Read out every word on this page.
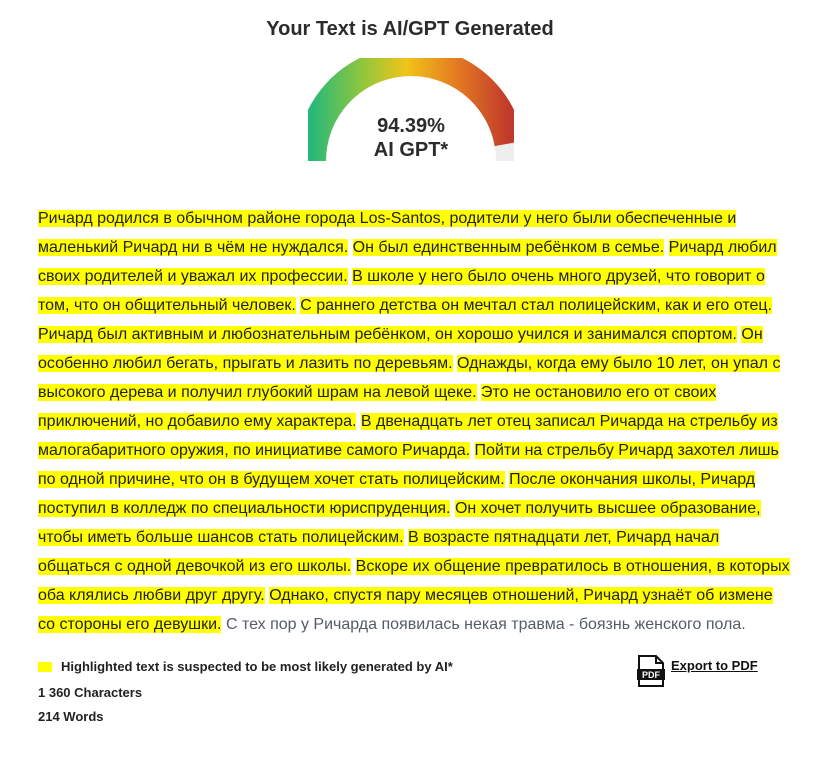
Your Text is AI/GPT Generated
94.39%
AI GPT*
Ричард родился в обычном районе города Los-Santos, родители у него были обеспеченные и маленький Ричард ни в чём не нуждался. Он был единственным ребёнком в семье. Ричард любил своих родителей и уважал их профессии. В школе у него было очень много друзей, что говорит о том, что он общительный человек. С раннего детства он мечтал стал полицейским, как и его отец. Ричард был активным и любознательным ребёнком, он хорошо учился и занимался спортом. Он особенно любил бегать, прыгать и лазить по деревьям. Однажды, когда ему было 10 лет, он упал с высокого дерева и получил глубокий шрам на левой щеке. Это не остановило его от своих приключений, но добавило ему характера. В двенадцать лет отец записал Ричарда на стрельбу из малогабаритного оружия, по инициативе самого Ричарда. Пойти на стрельбу Ричард захотел лишь по одной причине, что он в будущем хочет стать полицейским. После окончания школы, Ричард поступил в колледж по специальности юриспруденция. Он хочет получить высшее образование, чтобы иметь больше шансов стать полицейским. В возрасте пятнадцати лет, Ричард начал общаться с одной девочкой из его школы. Вскоре их общение превратилось в отношения, в которых оба клялись любви друг другу. Однако, спустя пару месяцев отношений, Ричард узнаёт об измене со стороны его девушки. С тех пор у Ричарда появилась некая травма - боязнь женского пола.
Highlighted text is suspected to be most likely generated by AI*
1 360 Characters
214 Words
PDF
Export to PDF
